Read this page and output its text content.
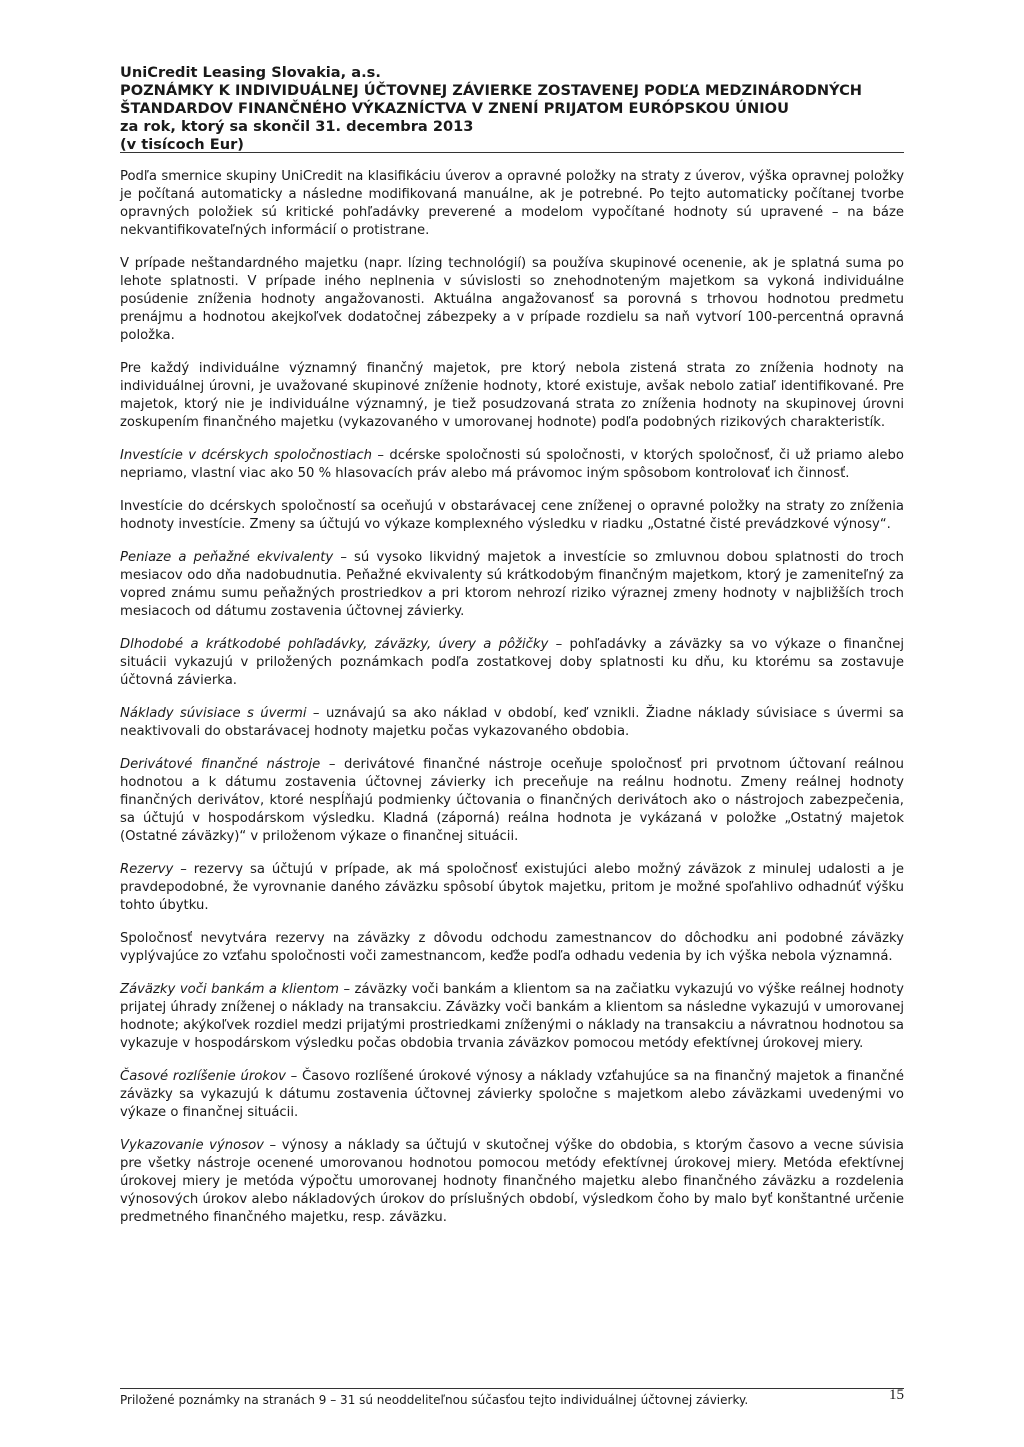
UniCredit Leasing Slovakia, a.s.
POZNÁMKY K INDIVIDUÁLNEJ ÚČTOVNEJ ZÁVIERKE ZOSTAVENEJ PODĽA MEDZINÁRODNÝCH
ŠTANDARDOV FINANČNÉHO VÝKAZNÍCTVA V ZNENÍ PRIJATOM EURÓPSKOU ÚNIOU
za rok, ktorý sa skončil 31. decembra 2013
(v tisícoch Eur)

Podľa smernice skupiny UniCredit na klasifikáciu úverov a opravné položky na straty z úverov, výška opravnej položky je počítaná automaticky a následne modifikovaná manuálne, ak je potrebné. Po tejto automaticky počítanej tvorbe opravných položiek sú kritické pohľadávky preverené a modelom vypočítané hodnoty sú upravené – na báze nekvantifikovateľných informácií o protistrane.

V prípade neštandardného majetku (napr. lízing technológií) sa používa skupinové ocenenie, ak je splatná suma po lehote splatnosti. V prípade iného neplnenia v súvislosti so znehodnoteným majetkom sa vykoná individuálne posúdenie zníženia hodnoty angažovanosti. Aktuálna angažovanosť sa porovná s trhovou hodnotou predmetu prenájmu a hodnotou akejkoľvek dodatočnej zábezpeky a v prípade rozdielu sa naň vytvorí 100-percentná opravná položka.

Pre každý individuálne významný finančný majetok, pre ktorý nebola zistená strata zo zníženia hodnoty na individuálnej úrovni, je uvažované skupinové zníženie hodnoty, ktoré existuje, avšak nebolo zatiaľ identifikované. Pre majetok, ktorý nie je individuálne významný, je tiež posudzovaná strata zo zníženia hodnoty na skupinovej úrovni zoskupením finančného majetku (vykazovaného v umorovanej hodnote) podľa podobných rizikových charakteristík.

Investície v dcérskych spoločnostiach – dcérske spoločnosti sú spoločnosti, v ktorých spoločnosť, či už priamo alebo nepriamo, vlastní viac ako 50 % hlasovacích práv alebo má právomoc iným spôsobom kontrolovať ich činnosť.

Investície do dcérskych spoločností sa oceňujú v obstarávacej cene zníženej o opravné položky na straty zo zníženia hodnoty investície. Zmeny sa účtujú vo výkaze komplexného výsledku v riadku „Ostatné čisté prevádzkové výnosy“.

Peniaze a peňažné ekvivalenty – sú vysoko likvidný majetok a investície so zmluvnou dobou splatnosti do troch mesiacov odo dňa nadobudnutia. Peňažné ekvivalenty sú krátkodobým finančným majetkom, ktorý je zameniteľný za vopred známu sumu peňažných prostriedkov a pri ktorom nehrozí riziko výraznej zmeny hodnoty v najbližších troch mesiacoch od dátumu zostavenia účtovnej závierky.

Dlhodobé a krátkodobé pohľadávky, záväzky, úvery a pôžičky – pohľadávky a záväzky sa vo výkaze o finančnej situácii vykazujú v priložených poznámkach podľa zostatkovej doby splatnosti ku dňu, ku ktorému sa zostavuje účtovná závierka.

Náklady súvisiace s úvermi – uznávajú sa ako náklad v období, keď vznikli. Žiadne náklady súvisiace s úvermi sa neaktivovali do obstarávacej hodnoty majetku počas vykazovaného obdobia.

Derivátové finančné nástroje – derivátové finančné nástroje oceňuje spoločnosť pri prvotnom účtovaní reálnou hodnotou a k dátumu zostavenia účtovnej závierky ich preceňuje na reálnu hodnotu. Zmeny reálnej hodnoty finančných derivátov, ktoré nespĺňajú podmienky účtovania o finančných derivátoch ako o nástrojoch zabezpečenia, sa účtujú v hospodárskom výsledku. Kladná (záporná) reálna hodnota je vykázaná v položke „Ostatný majetok (Ostatné záväzky)“ v priloženom výkaze o finančnej situácii.

Rezervy – rezervy sa účtujú v prípade, ak má spoločnosť existujúci alebo možný záväzok z minulej udalosti a je pravdepodobné, že vyrovnanie daného záväzku spôsobí úbytok majetku, pritom je možné spoľahlivo odhadnúť výšku tohto úbytku.

Spoločnosť nevytvára rezervy na záväzky z dôvodu odchodu zamestnancov do dôchodku ani podobné záväzky vyplývajúce zo vzťahu spoločnosti voči zamestnancom, keďže podľa odhadu vedenia by ich výška nebola významná.

Záväzky voči bankám a klientom – záväzky voči bankám a klientom sa na začiatku vykazujú vo výške reálnej hodnoty prijatej úhrady zníženej o náklady na transakciu. Záväzky voči bankám a klientom sa následne vykazujú v umorovanej hodnote; akýkoľvek rozdiel medzi prijatými prostriedkami zníženými o náklady na transakciu a návratnou hodnotou sa vykazuje v hospodárskom výsledku počas obdobia trvania záväzkov pomocou metódy efektívnej úrokovej miery.

Časové rozlíšenie úrokov – Časovo rozlíšené úrokové výnosy a náklady vzťahujúce sa na finančný majetok a finančné záväzky sa vykazujú k dátumu zostavenia účtovnej závierky spoločne s majetkom alebo záväzkami uvedenými vo výkaze o finančnej situácii.

Vykazovanie výnosov – výnosy a náklady sa účtujú v skutočnej výške do obdobia, s ktorým časovo a vecne súvisia pre všetky nástroje ocenené umorovanou hodnotou pomocou metódy efektívnej úrokovej miery. Metóda efektívnej úrokovej miery je metóda výpočtu umorovanej hodnoty finančného majetku alebo finančného záväzku a rozdelenia výnosových úrokov alebo nákladových úrokov do príslušných období, výsledkom čoho by malo byť konštantné určenie predmetného finančného majetku, resp. záväzku.

Priložené poznámky na stranách 9 – 31 sú neoddeliteľnou súčasťou tejto individuálnej účtovnej závierky.	15
